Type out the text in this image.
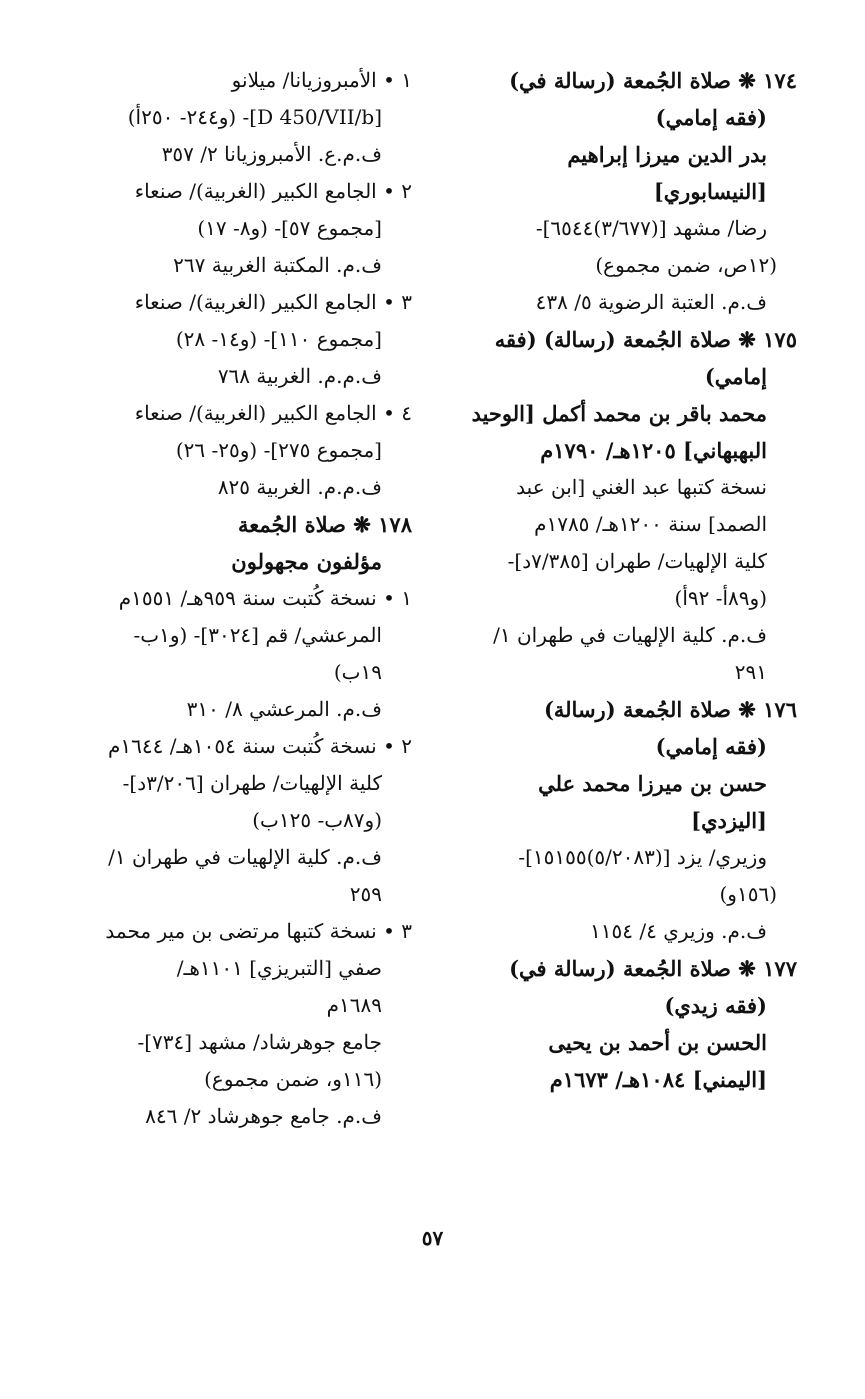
١٧٤ ❋ صلاة الجُمعة (رسالة في)
(فقه إمامي)
بدر الدين ميرزا إبراهيم
[النيسابوري]
رضا/ مشهد [(٣/٦٧٧)٦٥٤٤]-
(١٢ص، ضمن مجموع)
ف.م. العتبة الرضوية ٥/ ٤٣٨
١٧٥ ❋ صلاة الجُمعة (رسالة) (فقه
إمامي)
محمد باقر بن محمد أكمل [الوحيد
البهبهاني] ١٢٠٥هـ/ ١٧٩٠م
نسخة كتبها عبد الغني [ابن عبد
الصمد] سنة ١٢٠٠هـ/ ١٧٨٥م
كلية الإلهيات/ طهران [٧/٣٨٥د]-
(و٨٩أ- ٩٢أ)
ف.م. كلية الإلهيات في طهران ١/
٢٩١
١٧٦ ❋ صلاة الجُمعة (رسالة)
(فقه إمامي)
حسن بن ميرزا محمد علي
[اليزدي]
وزيري/ يزد [(٥/٢٠٨٣)١٥١٥٥]-
(١٥٦و)
ف.م. وزيري ٤/ ١١٥٤
١٧٧ ❋ صلاة الجُمعة (رسالة في)
(فقه زيدي)
الحسن بن أحمد بن يحيى
[اليمني] ١٠٨٤هـ/ ١٦٧٣م
١ • الأمبروزيانا/ ميلانو
[D 450/VII/b]- (و٢٤٤- ٢٥٠أ)
ف.م.ع. الأمبروزيانا ٢/ ٣٥٧
٢ • الجامع الكبير (الغربية)/ صنعاء
[مجموع ٥٧]- (و٨- ١٧)
ف.م. المكتبة الغربية ٢٦٧
٣ • الجامع الكبير (الغربية)/ صنعاء
[مجموع ١١٠]- (و١٤- ٢٨)
ف.م.م. الغربية ٧٦٨
٤ • الجامع الكبير (الغربية)/ صنعاء
[مجموع ٢٧٥]- (و٢٥- ٢٦)
ف.م.م. الغربية ٨٢٥
١٧٨ ❋ صلاة الجُمعة
مؤلفون مجهولون
١ • نسخة كُتبت سنة ٩٥٩هـ/ ١٥٥١م
المرعشي/ قم [٣٠٢٤]- (و١ب-
١٩ب)
ف.م. المرعشي ٨/ ٣١٠
٢ • نسخة كُتبت سنة ١٠٥٤هـ/ ١٦٤٤م
كلية الإلهيات/ طهران [٣/٢٠٦د]-
(و٨٧ب- ١٢٥ب)
ف.م. كلية الإلهيات في طهران ١/
٢٥٩
٣ • نسخة كتبها مرتضى بن مير محمد
صفي [التبريزي] ١١٠١هـ/
١٦٨٩م
جامع جوهرشاد/ مشهد [٧٣٤]-
(١١٦و، ضمن مجموع)
ف.م. جامع جوهرشاد ٢/ ٨٤٦
٥٧
